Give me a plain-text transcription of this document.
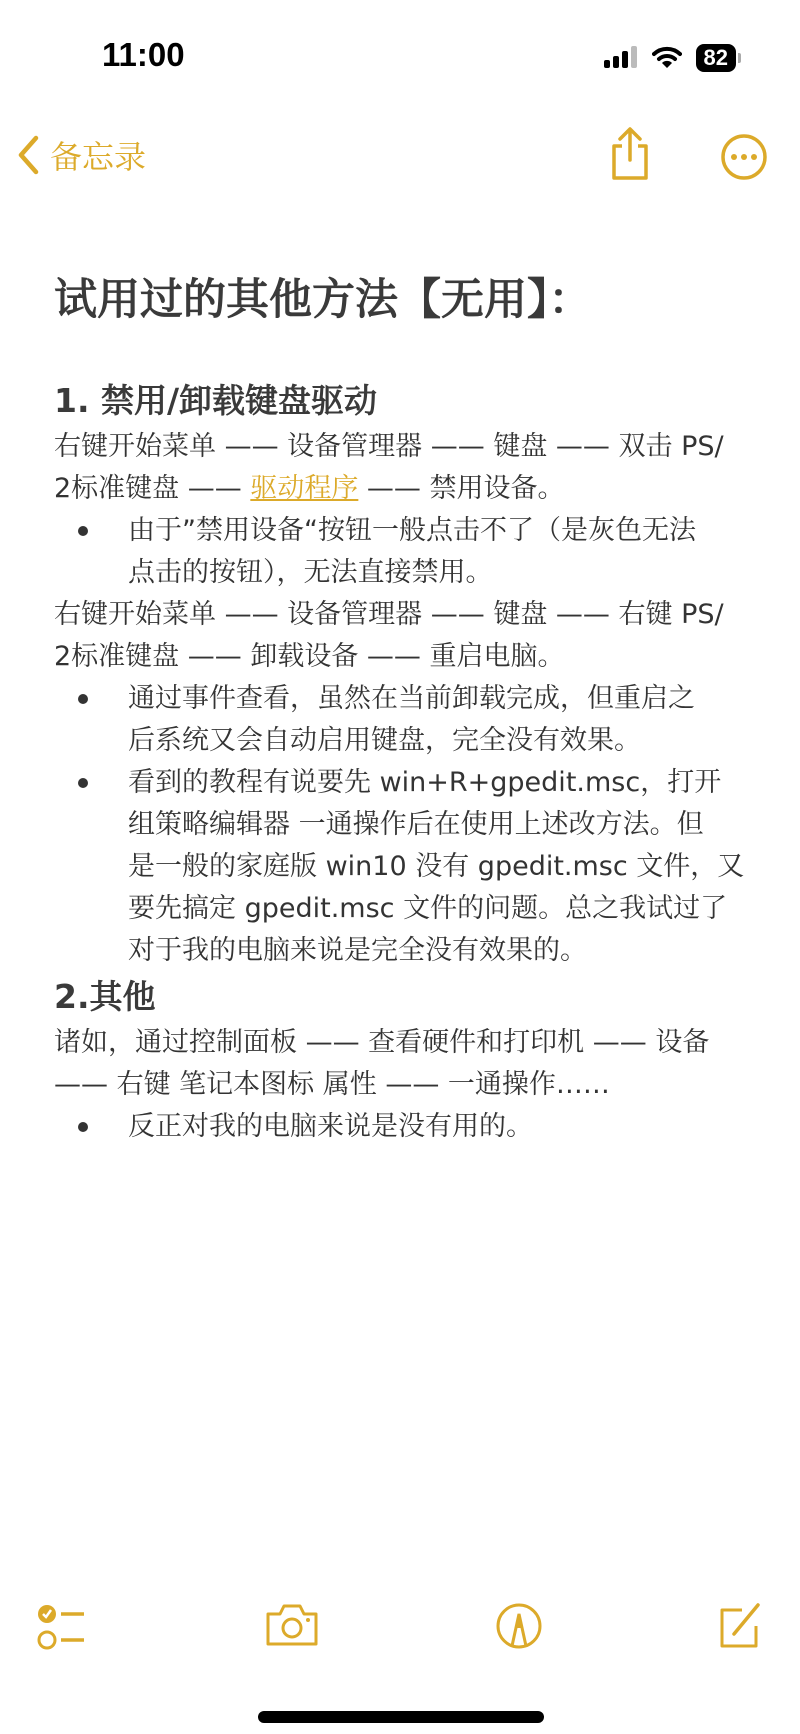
11:00	82
备忘录
试用过的其他方法【无用】：
1. 禁用/卸载键盘驱动
右键开始菜单 —— 设备管理器 —— 键盘 —— 双击 PS/
2标准键盘 —— 驱动程序 —— 禁用设备。
由于”禁用设备“按钮一般点击不了（是灰色无法
点击的按钮），无法直接禁用。
右键开始菜单 —— 设备管理器 —— 键盘 —— 右键 PS/
2标准键盘 —— 卸载设备 —— 重启电脑。
通过事件查看，虽然在当前卸载完成，但重启之
后系统又会自动启用键盘，完全没有效果。
看到的教程有说要先 win+R+gpedit.msc，打开
组策略编辑器 一通操作后在使用上述改方法。但
是一般的家庭版 win10 没有 gpedit.msc 文件，又
要先搞定 gpedit.msc 文件的问题。总之我试过了
对于我的电脑来说是完全没有效果的。
2.其他
诸如，通过控制面板 —— 查看硬件和打印机 —— 设备
—— 右键 笔记本图标 属性 —— 一通操作……
反正对我的电脑来说是没有用的。
